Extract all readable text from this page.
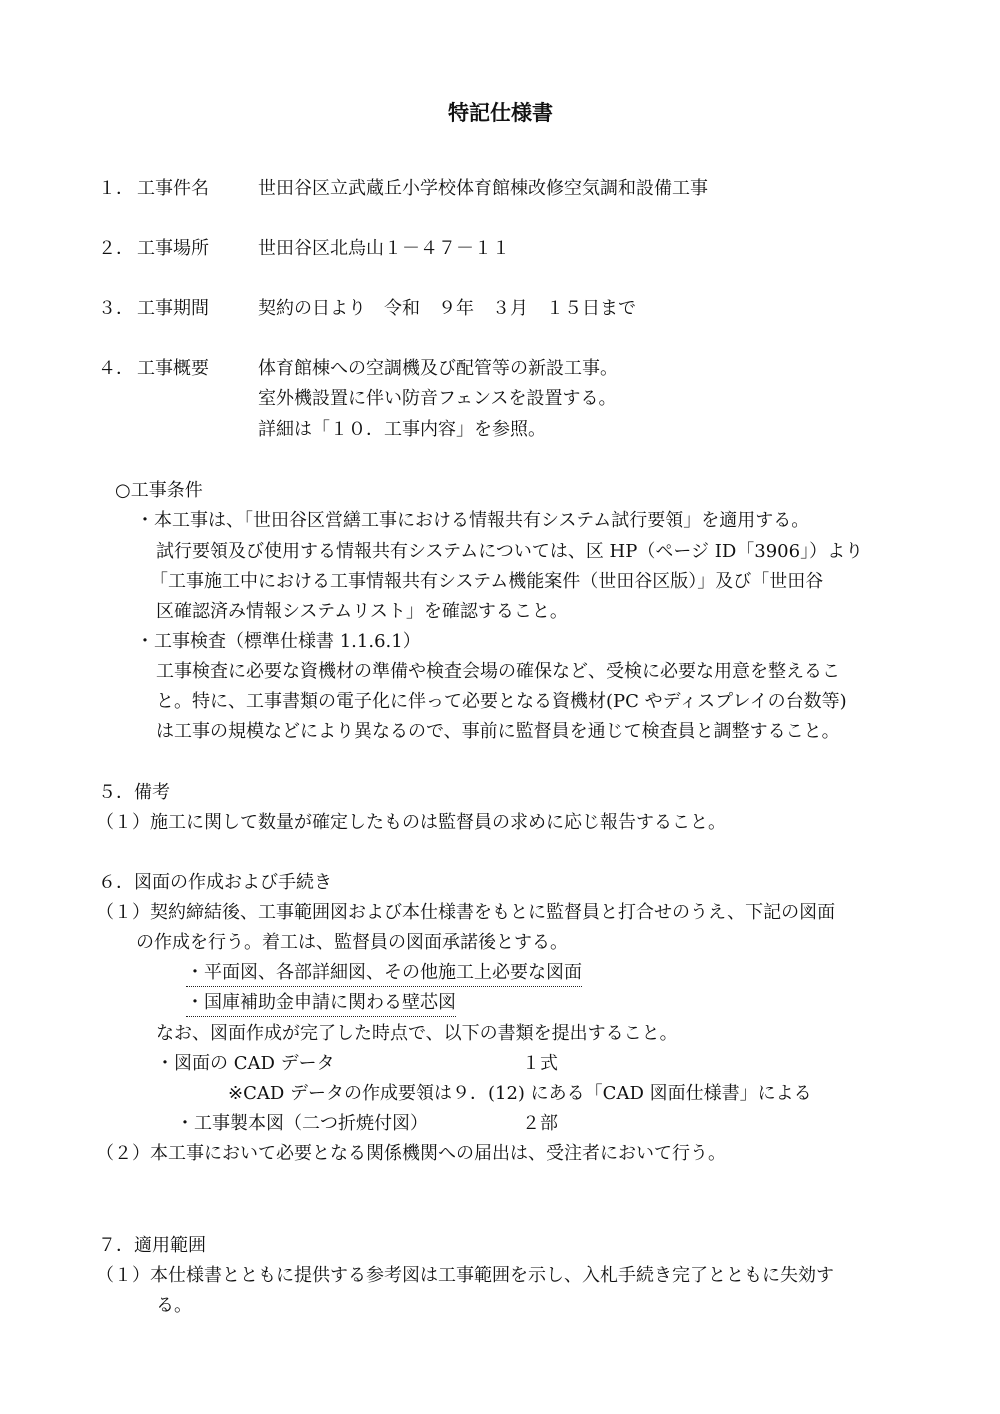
特記仕様書
１． 工事件名	世田谷区立武蔵丘小学校体育館棟改修空気調和設備工事
２． 工事場所	世田谷区北烏山１－４７－１１
３． 工事期間	契約の日より　令和　９年　３月　１５日まで
４． 工事概要	体育館棟への空調機及び配管等の新設工事。
室外機設置に伴い防音フェンスを設置する。
詳細は「１０．工事内容」を参照。
○工事条件
・本工事は、「世田谷区営繕工事における情報共有システム試行要領」を適用する。
試行要領及び使用する情報共有システムについては、区 HP（ページ ID「3906」）より
「工事施工中における工事情報共有システム機能案件（世田谷区版）」及び「世田谷
区確認済み情報システムリスト」を確認すること。
・工事検査（標準仕様書 1.1.6.1）
工事検査に必要な資機材の準備や検査会場の確保など、受検に必要な用意を整えるこ
と。特に、工事書類の電子化に伴って必要となる資機材(PC やディスプレイの台数等)
は工事の規模などにより異なるので、事前に監督員を通じて検査員と調整すること。
５．備考
（１）施工に関して数量が確定したものは監督員の求めに応じ報告すること。
６．図面の作成および手続き
（１）契約締結後、工事範囲図および本仕様書をもとに監督員と打合せのうえ、下記の図面
の作成を行う。着工は、監督員の図面承諾後とする。
・平面図、各部詳細図、その他施工上必要な図面
・国庫補助金申請に関わる壁芯図
なお、図面作成が完了した時点で、以下の書類を提出すること。
・図面の CAD データ	１式
※CAD データの作成要領は９．(12) にある「CAD 図面仕様書」による
・工事製本図（二つ折焼付図）	２部
（２）本工事において必要となる関係機関への届出は、受注者において行う。
７．適用範囲
（１）本仕様書とともに提供する参考図は工事範囲を示し、入札手続き完了とともに失効す
る。
